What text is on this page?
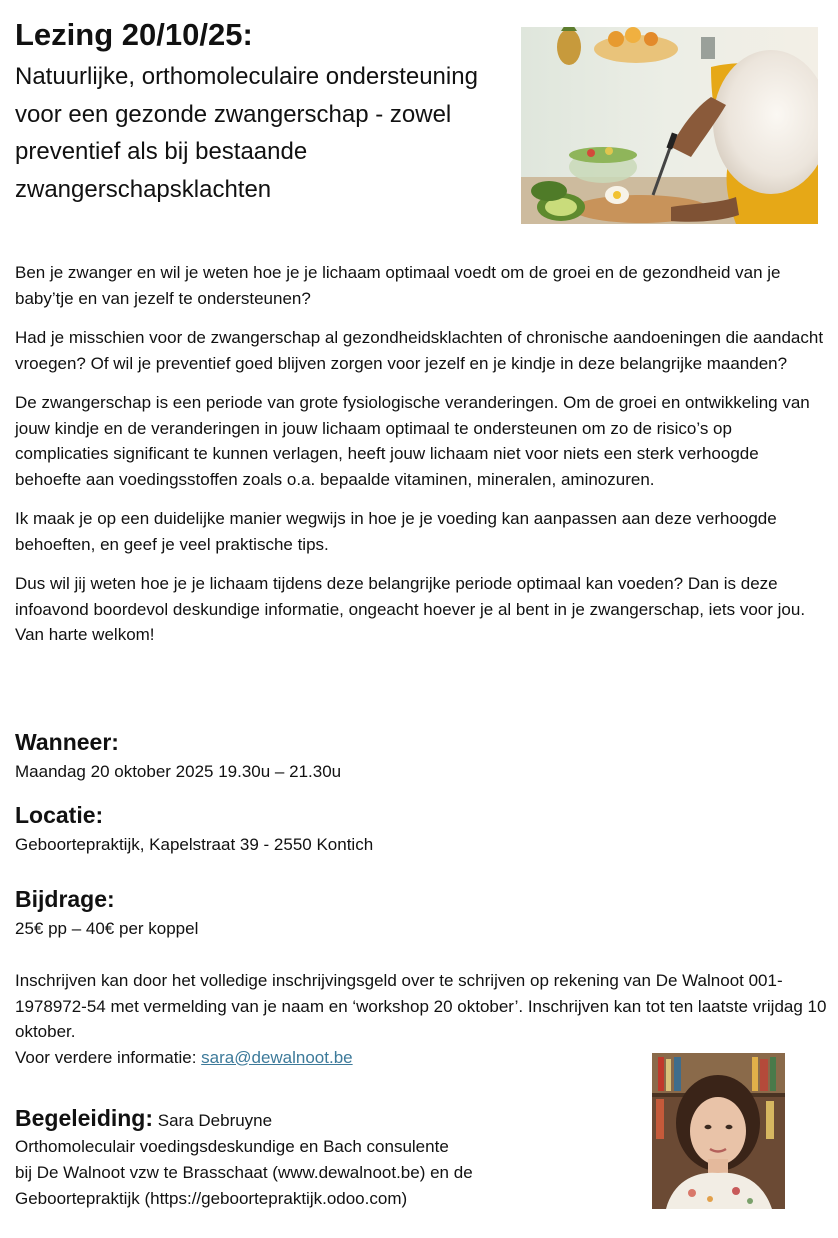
Lezing 20/10/25:
Natuurlijke, orthomoleculaire ondersteuning voor een gezonde zwangerschap - zowel preventief als bij bestaande zwangerschapsklachten

Ben je zwanger en wil je weten hoe je je lichaam optimaal voedt om de groei en de gezondheid van je baby’tje en van jezelf te ondersteunen?

Had je misschien voor de zwangerschap al gezondheidsklachten of chronische aandoeningen die aandacht vroegen? Of wil je preventief goed blijven zorgen voor jezelf en je kindje in deze belangrijke maanden?

De zwangerschap is een periode van grote fysiologische veranderingen. Om de groei en ontwikkeling van jouw kindje en de veranderingen in jouw lichaam optimaal te ondersteunen om zo de risico’s op complicaties significant te kunnen verlagen, heeft jouw lichaam niet voor niets een sterk verhoogde behoefte aan voedingsstoffen zoals o.a. bepaalde vitaminen, mineralen, aminozuren.

Ik maak je op een duidelijke manier wegwijs in hoe je je voeding kan aanpassen aan deze verhoogde behoeften, en geef je veel praktische tips.

Dus wil jij weten hoe je je lichaam tijdens deze belangrijke periode optimaal kan voeden? Dan is deze infoavond boordevol deskundige informatie, ongeacht hoever je al bent in je zwangerschap, iets voor jou. Van harte welkom!

Wanneer:

Maandag 20 oktober 2025 19.30u – 21.30u

Locatie:

Geboortepraktijk, Kapelstraat 39 - 2550 Kontich

Bijdrage:

25€ pp – 40€ per koppel

Inschrijven kan door het volledige inschrijvingsgeld over te schrijven op rekening van De Walnoot 001-1978972-54 met vermelding van je naam en ‘workshop 20 oktober’. Inschrijven kan tot ten laatste vrijdag 10 oktober.

Voor verdere informatie: sara@dewalnoot.be

Begeleiding: Sara Debruyne
Orthomoleculair voedingsdeskundige en Bach consulente
bij De Walnoot vzw te Brasschaat (www.dewalnoot.be) en de
Geboortepraktijk (https://geboortepraktijk.odoo.com)
